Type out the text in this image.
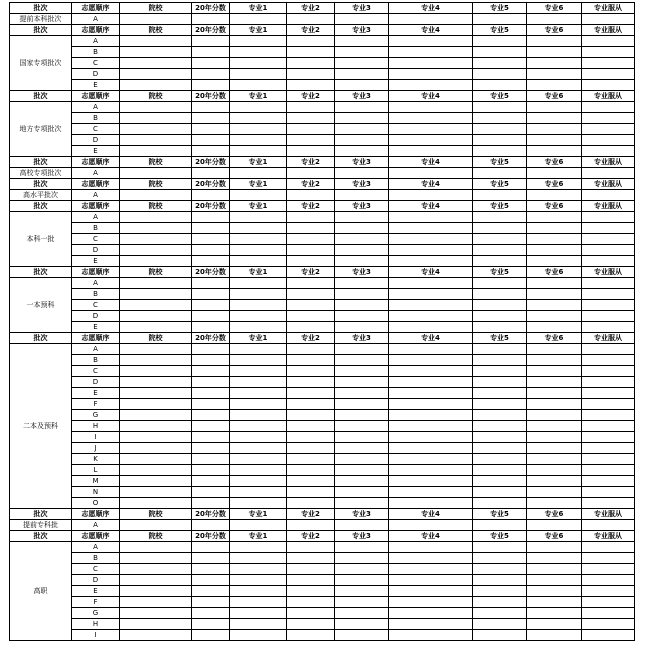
批次	志愿顺序	院校	20年分数	专业1	专业2	专业3	专业4	专业5	专业6	专业服从
提前本科批次	A									
批次	志愿顺序	院校	20年分数	专业1	专业2	专业3	专业4	专业5	专业6	专业服从
国家专项批次	A									
	B									
	C									
	D									
	E									
批次	志愿顺序	院校	20年分数	专业1	专业2	专业3	专业4	专业5	专业6	专业服从
地方专项批次	A									
	B									
	C									
	D									
	E									
批次	志愿顺序	院校	20年分数	专业1	专业2	专业3	专业4	专业5	专业6	专业服从
高校专项批次	A									
批次	志愿顺序	院校	20年分数	专业1	专业2	专业3	专业4	专业5	专业6	专业服从
高水平批次	A									
批次	志愿顺序	院校	20年分数	专业1	专业2	专业3	专业4	专业5	专业6	专业服从
本科一批	A									
	B									
	C									
	D									
	E									
批次	志愿顺序	院校	20年分数	专业1	专业2	专业3	专业4	专业5	专业6	专业服从
一本预科	A									
	B									
	C									
	D									
	E									
批次	志愿顺序	院校	20年分数	专业1	专业2	专业3	专业4	专业5	专业6	专业服从
二本及预科	A									
	B									
	C									
	D									
	E									
	F									
	G									
	H									
	I									
	J									
	K									
	L									
	M									
	N									
	O									
批次	志愿顺序	院校	20年分数	专业1	专业2	专业3	专业4	专业5	专业6	专业服从
提前专科批	A									
批次	志愿顺序	院校	20年分数	专业1	专业2	专业3	专业4	专业5	专业6	专业服从
高职	A									
	B									
	C									
	D									
	E									
	F									
	G									
	H									
	I									
